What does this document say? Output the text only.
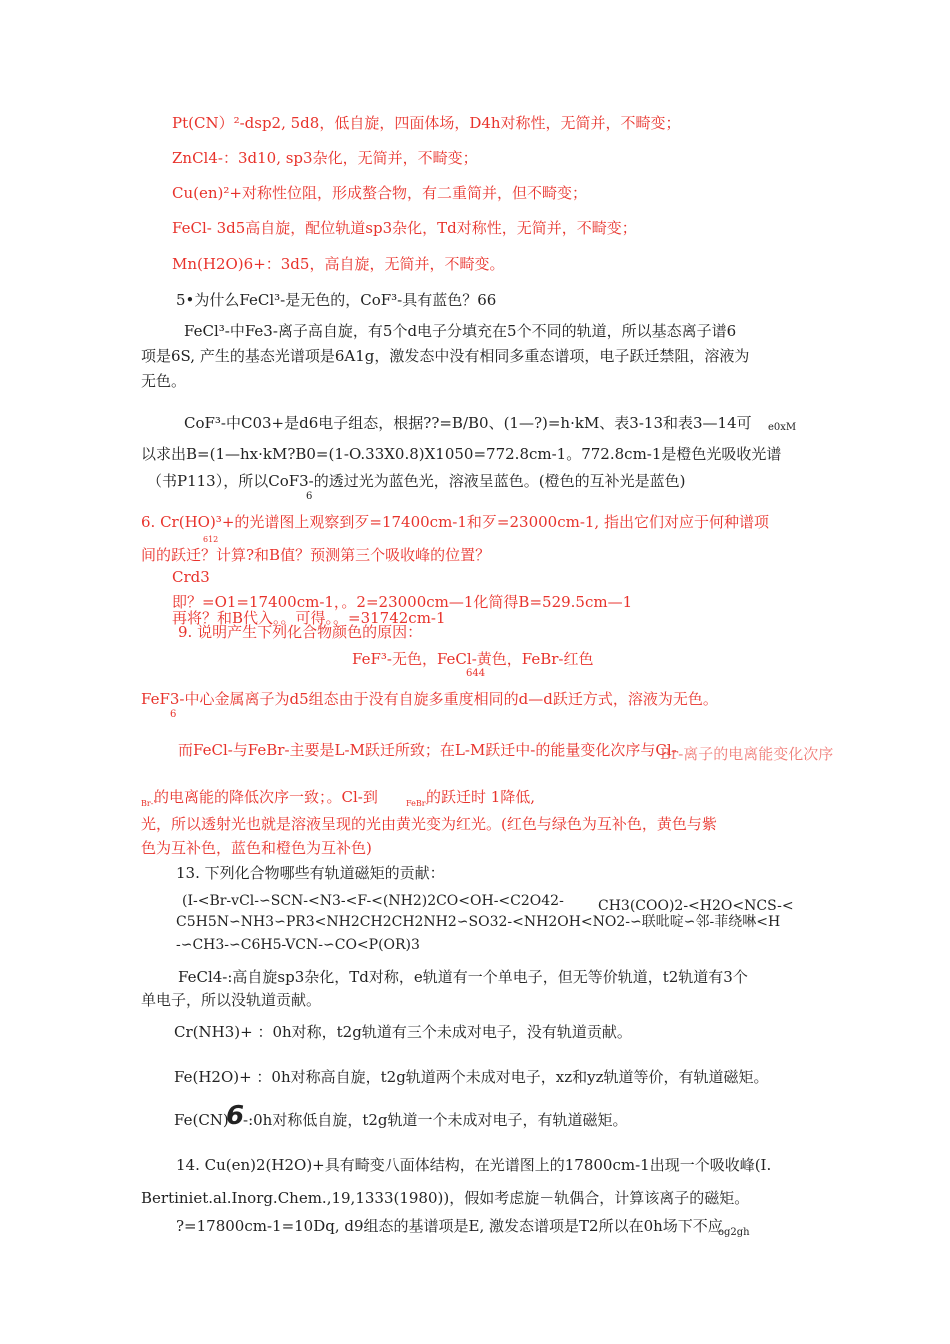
Pt(CN）²-dsp2, 5d8，低自旋，四面体场，D4h对称性，无简并，不畸变；
ZnCl4-：3d10, sp3杂化，无简并，不畸变；
Cu(en)²+对称性位阻，形成螯合物，有二重简并，但不畸变；
FeCl- 3d5高自旋，配位轨道sp3杂化，Td对称性，无简并，不畸变；
Mn(H2O)6+：3d5，高自旋，无简并，不畸变。
5•为什么FeCl³-是无色的，CoF³-具有蓝色？66
FeCl³-中Fe3-离子高自旋，有5个d电子分填充在5个不同的轨道，所以基态离子谱6
项是6S, 产生的基态光谱项是6A1g，激发态中没有相同多重态谱项，电子跃迁禁阻，溶液为
无色。
CoF³-中C03+是d6电子组态，根据??=B/B0、(1—?)=h·kM、表3-13和表3—14可 e0xM
以求出B=(1—hx·kM?B0=(1-O.33X0.8)X1050=772.8cm-1。772.8cm-1是橙色光吸收光谱
（书P113），所以CoF3-的透过光为蓝色光，溶液呈蓝色。(橙色的互补光是蓝色)
6
6. Cr(HO)³+的光谱图上观察到歹=17400cm-1和歹=23000cm-1, 指出它们对应于何种谱项
612
间的跃迁？计算?和B值？预测第三个吸收峰的位置？
Crd3
即？=O1=17400cm-1，。2=23000cm—1化简得B=529.5cm—1
再将？和B代入。。可得。。=31742cm-1
9. 说明产生下列化合物颜色的原因：
FeF³-无色，FeCl-黄色，FeBr-红色
644
FeF3-中心金属离子为d5组态由于没有自旋多重度相同的d—d跃迁方式，溶液为无色。
6
而FeCl-与FeBr-主要是L-M跃迁所致；在L-M跃迁中-的能量变化次序与Cl-
Br-离子的电离能变化次序
Br-'
的电离能的降低次序一致；。Cl-到	FeBr-
的跃迁时 1降低,
光，所以透射光也就是溶液呈现的光由黄光变为红光。(红色与绿色为互补色，黄色与紫
色为互补色，蓝色和橙色为互补色)
13. 下列化合物哪些有轨道磁矩的贡献：
(I-<Br-vCl-∽SCN-<N3-<F-<(NH2)2CO<OH-<C2O42- CH3(COO)2-<H2O<NCS-<
C5H5N∽NH3∽PR3<NH2CH2CH2NH2∽SO32-<NH2OH<NO2-∽联吡啶∽邻-菲绕啉<H
-∽CH3-∽C6H5-VCN-∽CO<P(OR)3
FeCl4-:高自旋sp3杂化，Td对称，e轨道有一个单电子，但无等价轨道，t2轨道有3个
单电子，所以没轨道贡献。
Cr(NH3)+ ：0h对称，t2g轨道有三个未成对电子，没有轨道贡献。
Fe(H2O)+ ：0h对称高自旋，t2g轨道两个未成对电子，xz和yz轨道等价，有轨道磁矩。
Fe(CN)
6
-:0h对称低自旋，t2g轨道一个未成对电子，有轨道磁矩。
14. Cu(en)2(H2O)+具有畸变八面体结构，在光谱图上的17800cm-1出现一个吸收峰(I.
Bertiniet.al.Inorg.Chem.,19,1333(1980))，假如考虑旋－轨偶合，计算该离子的磁矩。
?=17800cm-1=10Dq, d9组态的基谱项是E, 激发态谱项是T2所以在0h场下不应
og2gh
